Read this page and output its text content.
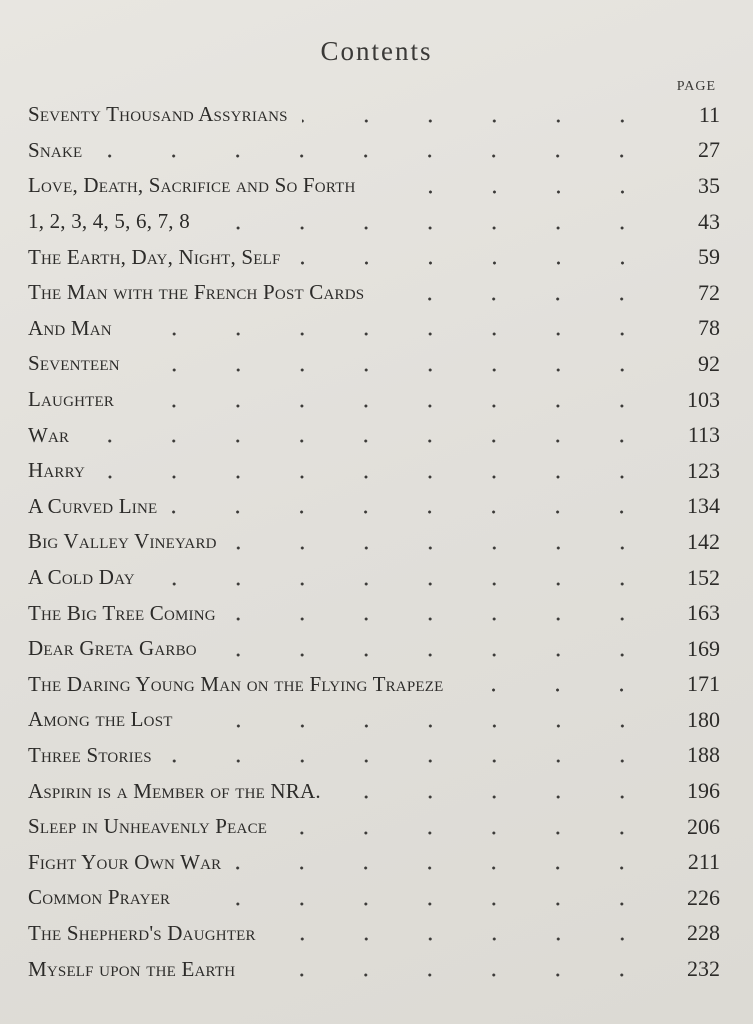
Contents
PAGE
Seventy Thousand Assyrians	11
Snake	27
Love, Death, Sacrifice and So Forth	35
1, 2, 3, 4, 5, 6, 7, 8	43
The Earth, Day, Night, Self	59
The Man with the French Post Cards	72
And Man	78
Seventeen	92
Laughter	103
War	113
Harry	123
A Curved Line	134
Big Valley Vineyard	142
A Cold Day	152
The Big Tree Coming	163
Dear Greta Garbo	169
The Daring Young Man on the Flying Trapeze	171
Among the Lost	180
Three Stories	188
Aspirin is a Member of the NRA.	196
Sleep in Unheavenly Peace	206
Fight Your Own War	211
Common Prayer	226
The Shepherd's Daughter	228
Myself upon the Earth	232
